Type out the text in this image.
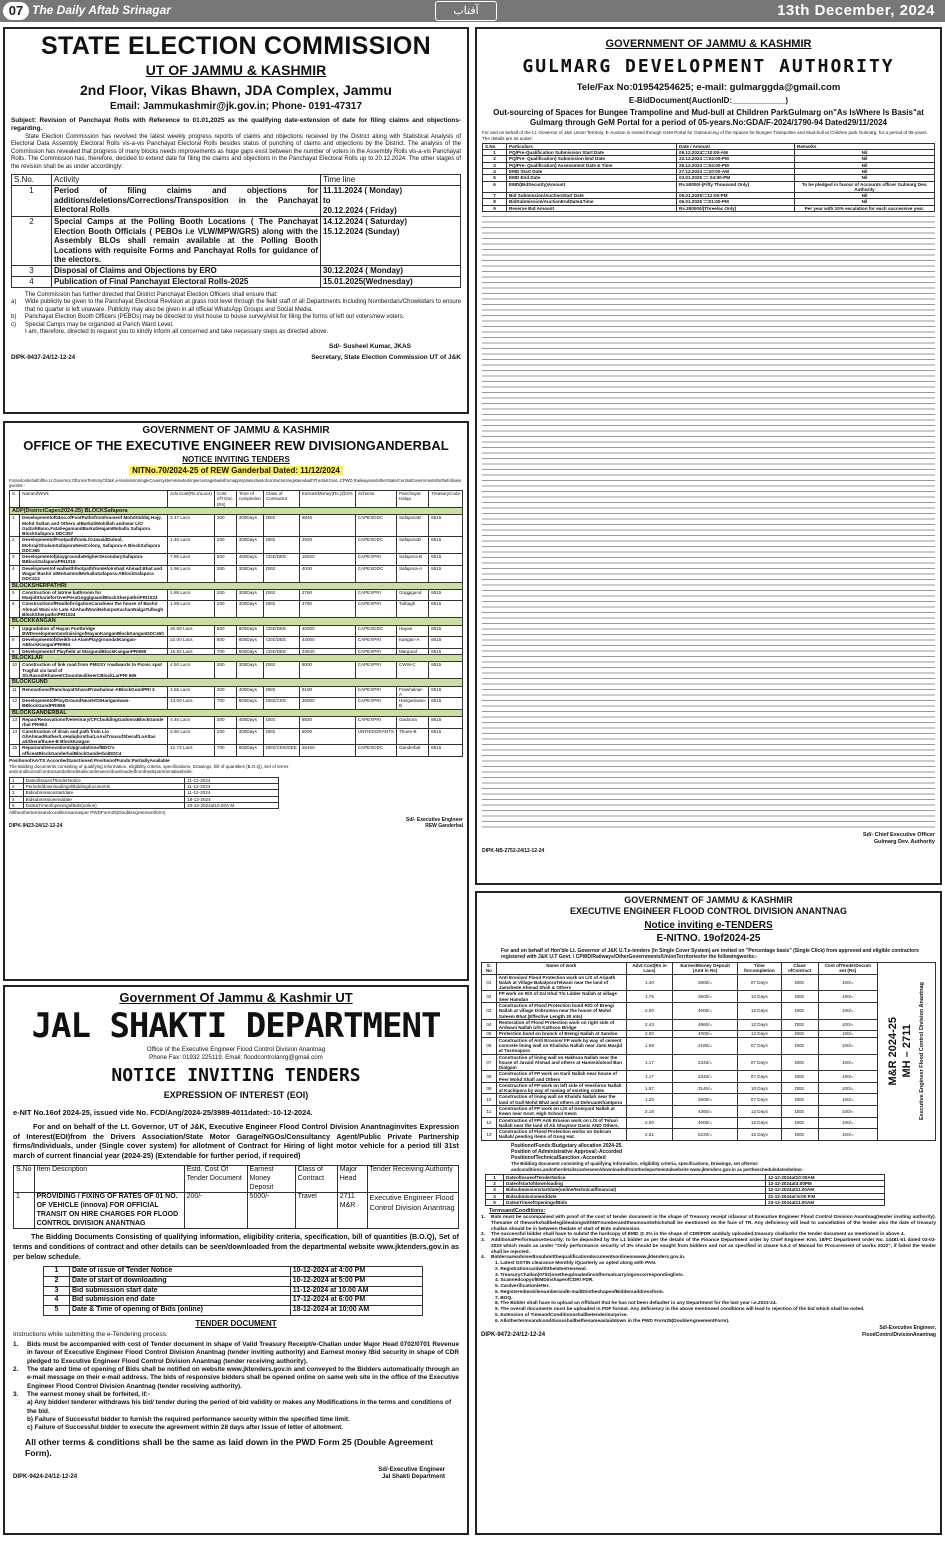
07 The Daily Aftab Srinagar	آفتاب	13th December, 2024
STATE ELECTION COMMISSION
UT OF JAMMU & KASHMIR
2nd Floor, Vikas Bhawn, JDA Complex, Jammu
Email: Jammukashmir@jk.gov.in; Phone- 0191-47317
Subject: Revision of Panchayat Rolls with Reference to 01.01,2025 as the qualifying date-extension of date for filing claims and objections-regarding.
State Election Commission has revolved the latest weekly progress reports of claims and objections received by the District along with Statistical Analysis of Electoral Data Assembly Electoral Rolls vis-a-vis Panchayat Electoral Rolls besides status of punching of claims and objections by the District. The analysis of the Commission has revealed that progress of many blocks needs improvements as huge gaps exist between the number of voters in the Assembly Rolls vis-a-vis Panchayat Rolls. The Commission has, therefore, decided to extend date for filing the claims and objections in the Panchayat Electoral Rolls up to 20.12.2024. The other stages of the revision shall be as under accordingly:
S.No.	Activity	Time line
1	Period of filing claims and objections for additions/deletions/Corrections/Transposition in the Panchayat Electoral Rolls	11.11.2024 ( Monday)
to
20.12.2024 ( Friday)
2	Special Camps at the Polling Booth Locations ( The Panchayat Election Booth Officials ( PEBOs i.e VLW/MPW/GRS) along with the Assembly BLOs shall remain available at the Polling Booth Locations with requisite Forms and Panchayat Rolls for guidance of the electors.	14.12.2024 ( Saturday)
15.12.2024 (Sunday)
3	Disposal of Claims and Objections by ERO	30.12.2024 ( Monday)
4	Publication of Final Panchayat Electoral Rolls-2025	15.01.2025(Wednesday)
The Commission has further directed that District Panchayat Election Officers shall ensure that:
a)	Wide publicity be given to the Panchayat Electoral Revision at grass root level through the field staff of all Departments Including Numberdars/Chowkidars to ensure that no quarter is left unaware. Publicity may also be given in all official WhatsApp Groups and Social Media.
b)	Panchayat Election Booth Officers (PEBOs) may be directed to visit house to house survey/visit for filing the forms of left out voters/new voters.
c)	Special Camps may be organized at Panch Ward Level.
I am, therefore, directed to request you to kindly inform all concerned and take necessary steps as directed above.
Sd/- Susheel Kumar, JKAS
DIPK-9437-24/12-12-24	Secretary, State Election Commission UT of J&K
GOVERNMENT OF JAMMU & KASHMIR
OFFICE OF THE EXECUTIVE ENGINEER REW DIVISIONGANDERBAL
NOTICE INVITING TENDERS
NITNo.70/2024-25 of REW Ganderbal Dated: 11/12/2024
Forandonbehalfofthe Lt.Governor,OfUnionTerritoryOfJ&K,e-tenderisInSingleCoversystemisinvitedonpercentagebasisfromappropriateclassofcontractorsregisteredwithTheJ&KGovt.,CPWD,RailwaysandotherState/CentralGovernmentsforthefollowingworks:-
S.	NameofWork	Adv.Cost(Rs.InLacs)	Cost ofT.Doc.(Rs)	Time of completion	Class of Contractor	EarnestMoney(Rs.)@2%	Scheme	Panchayat Halqa	TreasuryCode
ADP(DistrictCapex2024-25) BLOCKSafapora									
1	Developmentof04no.ofFootPathsfromhouseof MohdSiddiq Hajy, Mohd Sultan and Others atBarkatiMohillah andnear L/O GulzahBano,FatahegamandBarkatiHajamMohalla Safapora BlockSafapora DDC357	3.47 Lacs	300	300Days	DEE	6940	CAPEXDDC	SafaporaD	8515
2	DevelopmentofFootpathfromL/OJavaidDulool, Mohraj/GhulamSafaporaNewColony, Safapora-A BlockSafapora DDC365	1.46 Lacs	200	300Days	DEE	2920	CAPEXDDC	SafaporaD	8515
3	DevelopmentofplaygroundatHigherSecondarySafapora-BBlockSafaporaPRI1015	7.96 Lacs	500	450Days	CEE/DEE	15920	CAPEXPRI	Safapora-B	8515
4	Developmentof-wallwithfootpathfromH/oIrshad Ahmad Bhat and Wagar Bashir atMohammdMohallaSafapora-ABlockSafapora DDC413	1.98 Lacs	300	300Days	DEE	4000	CAPEXDDC	Safapora-A	8515
BLOCKSHERPATHRI									
5	Construction of latrine bathroom for MasjidSharieforOverPeraGoggiguandBlockSherpathriPRI1023	1.88 Lacs	200	300Days	DEE	3760	CAPEXPRI	Goggigund	8515
6	ConstructionofRwallofirrigationCanalnear the house of Bashir Ahmad Wani s/o Late AbAhadWaniNeharpoKachanNalgaTulbagh BlockSherpathriPRI1024	1.89 Lacs	200	300Days	DEE	3780	CAPEXPRI	Tulbagh	8515
BLOCKKANGAN									
7	Upgradation of Hayan Footbridge BWDevelopmentandraisingofHayanKanganBlockKanganDDC460	20.00 Lacs	800	600Days	CEE/DEE	40000	CAPEXDDC	Hayan	8515
8	DevelopmentofSheikh-ul-AlamPlaygroundatKangan-ABlockKanganPRI994	22.00 Lacs	800	600Days	CEE/DEE	44000	CAPEXPRI	Kangan-A	8515
9	Developmentof Playfield at MargundBlockKanganPRI995	16.82 Lacs	700	500Days	CEE/DEE	33640	CAPEXPRI	Margund	8515
BLOCKLAR									
10	Construction of link road from PMGSY roadwards to Picnic spot Traghal via land of Sh.RasoolKhaneetChountwalikeerCBlockLarPRI 666	4.50 Lacs	300	300Days	DEE	9000	CAPEXPRI	CWW-C	8515
BLOCKGUND									
11	RenovationofPanchayatGharatFrawhalnar-ABlockGundPRI 3	4.55 Lacs	300	400Days	DEE	9100	CAPEXPRI	Frawhalnar-A	8515
12	DevelopmentofPlayGroundNearHSSHariganiwan-BBlockGundPRI986	13.00 Lacs	700	500Days	DEE/CEE	26000	CAPEXPRI	Hariganiwan-B	8515
BLOCKGANDERBAL									
13	Repair/RenovationofVeterinary/CFCbuildingGadooraBlockGande rbal PRI963	4.46 Lacs	300	400Days	DEE	8920	CAPEXPRI	Gadoora	8515
14	Construction of drain and path from L/o GhAhmadRather/LoHaliqbirathu/LoAsifYousufSheraf/LoAltas adShera/thune-B BlockKangan	2.50 Lacs	200	300Days	DEE	5000	UNTIEDGRANTS	Thune-B	8515
15	Repairandrenovation/UpgradationofBDO's officeatBlockGanderbalBlockGanderbalDDC4	12.73 Lacs	700	500Days	DEE/CEE/DEE	25460	CAPEXDDC	Ganderbal	8515
PositionofAA/TS:AccordedSanctioned PositionofFunds:PartiallyAvailable
The Bidding documents consisting of qualifying information, eligibility criteria, specifications, Drawings, bill of quantities (B.O.Q), Set of terms andconditionsofcontractandotherdetailscanbeseen/downloadedfromthedepartmentalwebsite.
1	DateofissueofTenderNotice	11-12-2024
2	PeriodofdownloadingofBiddingdocuments	11-12-2024
3	Bidsubmissionstartdate	11-12-2024
4	Bidsubmissionenddate	18-12-2024
5	Date&TimeofopeningofBids(online)	20-12-2024at10.00A.M
Alltheothertermsandconditionsareasper PWDForm25(Doublengreementform)
Sd/- Executive Engineer
DIPK-9423-24/12-12-24	REW Ganderbal
Government Of Jammu & Kashmir UT
JAL SHAKTI DEPARTMENT
Office of the Executive Engineer Flood Control Division Anantnag
Phone Fax: 01932 225119. Email: floodcontrolanrg@gmail.com
NOTICE INVITING TENDERS
EXPRESSION OF INTEREST (EOI)
e-NIT No.16of 2024-25, issued vide No. FCD/Ang/2024-25/3989-4011dated:-10-12-2024.
For and on behalf of the Lt. Governor, UT of J&K, Executive Engineer Flood Control Division Anantnaginvites Expression of Interest(EOI)from the Drivers Association/State Motor Garage/NGOs/Consultancy Agent/Public Private Partnership firms/Individuals, under (Single cover system) for allotment of Contract for Hiring of light motor vehicle for a period till 31st march of current financial year (2024-25) (Extendable for further period, if required)
S.No	Item Description	Estd. Cost Of Tender Document	Earnest Money Deposit	Class of Contract	Major Head	Tender Receiving Authority
1	PROVIDING / FIXING OF RATES OF 01 NO. OF VEHICLE (innova) FOR OFFICIAL TRANSIT ON HIRE CHARGES FOR FLOOD CONTROL DIVISION ANANTNAG	200/-	5000/-	Travel	2711 M&R	Executive Engineer Flood Control Division Anantnag
The Bidding Documents Consisting of qualifying information, eligibility criteria, specification, bill of quantities (B.O.Q), Set of terms and conditions of contract and other details can be seen/downloaded from the departmental website www.jktenders.gov.in as per below schedule.
1	Date of issue of Tender Notice	10-12-2024 at 4:00 PM
2	Date of start of downloading	10-12-2024 at 5:00 PM
3	Bid submission start date	11-12-2024 at 10.00 AM
4	Bid submission end date	17-12-2024 at 6:00 PM
5	Date & Time of opening of Bids (online)	18-12-2024 at 10:00 AM
TENDER DOCUMENT
Instructions while submitting the e-Tendering process.
1.	Bids must be accompanied with cost of Tender document in shape of Valid Treasury Receipt/e-Challan under Major Head 0702/0701 Revenue in favour of Executive Engineer Flood Control Division Anantnag (tender inviting authority) and Earnest money /Bid security in shape of CDR pledged to Executive Engineer Flood Control Division Anantnag (tender receiving authority).
2.	The date and time of opening of Bids shall be notified on website www.jktenders.gov.in and conveyed to the Bidders automatically through an e-mail message on their e-mail address. The bids of responsive bidders shall be opened online on same web site in the office of the Executive Engineer Flood Control Division Anantnag (tender receiving authority).
3.	The earnest money shall be forfeited, if:-
a) Any bidder/ tenderer withdraws his bid/ tender during the period of bid validity or makes any Modifications in the terms and conditions of the bid.
b) Failure of Successful bidder to furnish the required performance security within the specified time limit.
c) Failure of Successful bidder to execute the agreement within 28 days after Issue of letter of allotment.
All other terms & conditions shall be the same as laid down in the PWD Form 25 (Double Agreement Form).
Sd/-Executive Engineer
DIPK-9424-24/12-12-24	Jal Shakti Department
GOVERNMENT OF JAMMU & KASHMIR
GULMARG DEVELOPMENT AUTHORITY
Tele/Fax No:01954254625; e-mail: gulmarggda@gmail.com
E-BidDocument(AuctionID:____________)
Out-sourcing of Spaces for Bungee Trampoline and Mud-bull at Children ParkGulmarg on"As IsWhere Is Basis"at Gulmarg through GeM Portal for a period of 05-years.No:GDA/F-2024/1790-94 Dated29/11/2024
For and on behalf of the Lt. Governor of J&K Union Territory, E-Auction is invited through GeM Portal for Outsourcing of the Spaces for Bungee Trampoline and Mud-bull at Children park Gulmarg, for a period of 05-years. The details are as under:
S.No	Particulars	Date / Amount	Remarks
1	PQ/Pre-Qualification Submission Start Date	09.12.2024==10:00-AM	Nil
2	PQ/Pre- Qualification) Submission End Date	22.12.2024 ==04:00-PM	Nil
3	PQ/Pre- Qualification) Assessment Date & Time	26.12.2024 ==04:00-PM	Nil
4	EMD Start Date	27.12.2024 ==10:00-AM	Nil
5	EMD End Date	03.01.2025 == 04:00-PM	Nil
6	EMD(BidSecurity)Amount	Rs.50000/-(Fifty Thousand Only)	To be pledged in favour of Accounts officer Gulmarg Dev. Authority
7	Bid Submission/AuctionStart Date	05.01.2025==12:00-PM	Nil
8	BidSubmission/AuctionEndDate&Time	06.01.2025 ==01:00-PM	Nil
9	Reserve Bid Amount	Rs.300000/(Threelac Only)	Per year with 10% escalation for each successive year.
Sd/- Chief Executive Officer
Gulmarg Dev. Authority
DIPK-NB-2752-24/12-12-24
GOVERNMENT OF JAMMU & KASHMIR
EXECUTIVE ENGINEER FLOOD CONTROL DIVISION ANANTNAG
Notice inviting e-TENDERS
E-NITNO. 19of2024-25
For and on behalf of Hon'ble Lt. Governor of J&K U.T.e-tenders (In Single Cover System) are invited on "Percentage basis" (Single Click) from approved and eligible contractors registered with J&K U.T Govt. / CPWD/Railways/OtherGovernments/UnionTerritoriesfor the followingworks:-
S. No	Name of work	Advt.Cost(Rs in Lacs)	EarnestMoney Deposit (Amt in Rs)	Time forcompletion	Class ofContract	Cost ofTenderDocum ent (Rs)
01	Anti Erosion/ Flood Protection work on L/S of Aripath Nalah at Village BakalporaTelwani near the land of Jamshede Ahmad Shah & Others	1.40	2800/=	07 Days	DEE	100/=
02	FP work on R/S of Zal Khul T/o Lidder Nallah at village Seer Hamdan	1.75	3500/=	10 Days	DEE	100/=
03	Construction of Flood Protection bund R/O of Brengi Nallah at village Dobrumna near the house of Mohd Saleem Bhat (Effective Length 30 mts)	2.00	4000/=	12 Days	DEE	100/=
04	Restoration of Flood Protection work on right side of Ardwani Nallah U/S Kathsoo Bridge	2.43	4860/=	12 Days	DEE	100/=
05	Protection bund on branch of Brengi Nallah at Sandoo	2.00	4000/=	12 Days	DEE	100/=
06	Construction of Anti Erosion/ FP work by way of cement concrete lining wall on Khalisha Nallah near Jami Masjid at Tasnnapora	1.09	2180/=	07 Days	DEE	100/=
07	Construction of lining wall on Hakhura Nallah near the house of Javaid Ahmad and others at Hammidulsod Ban Dialgam	1.17	2340/=	07 Days	DEE	100/=
08	Construction of FP work on Karil Nallah near house of Peer Mohd Shafi and Others	1.17	2340/=	07 Days	DEE	100/=
09	Construction of FP work on left side of Veeshiroo Nallah at Kachipora by way of raising of existing crates	1.57	3140/=	10 Days	DEE	100/=
10	Construction of lining wall on Khalshi Nallah near the land of Gull Mohd Bhat and others at DehruanKhantpora	1.25	2500/=	07 Days	DEE	100/=
11	Construction of FP work on L/S of Goniyard Nallah at Kewn near Govt. High School Kewn	2.18	4360/=	12 Days	DEE	100/=
12	Construction of FP/ Anti Erosion work on L/S of Tohari Nallah near the land of Ab Ghaymor Danis AND Others.	2.00	4000/=	12 Days	DEE	100/=
13	Construction of Flood Protection works on Dobrum Nallah/ pending items of Gong Hat.	2.61	5220/=	15 Days	DEE	100/=
M&R 2024-25 MH – 2711	Executive Engineer Flood Control Division Anantnag
PositionofFunds:Budgetary allocation 2024-25.
Position of Administrative Approval:-Accorded
PositionofTechnicalSanction:-Accorded
The Bidding document consisting of qualifying information, eligibility criteria, specifications, Drawings, set ofterms andconditions,andotherdetailscanbeseen/downloadedfromthedepartmentalwebsite www.jktenders.gov.in as perthescheduledatesbelow:-
1	DateofIssueofTenderNotice	12-12-2024at10:00AM
2	Dateofstartofdownloading	12-12-2024at4:00PM
3	Bidsubmissionstartdate(online/technical/financial)	12-12-2024at11.00AM
4	Bidsubmissionenddate	21-12-2024at:6:00 P.M
5	Date&TimeofOpeningofBids	23-12-2024at11.00AM
TermsandConditions:
1.	Bids must be accompanied with proof of the cost of tender document in the shape of Treasury receipt infavour of Executive Engineer Flood Control Division Anantnag(tender inviting authority). Thename of theworkshallbelegiblealongwithNITnumberandtheamountwhichshall be mentioned on the face of TR. Any deficiency will lead to cancellation of the tender also the date of treasury challan should be in between thedate of start of Bids submission.
2.	The successful bidder shall have to submit the hardcopy of EMD @ 2% in the shape of CDR/FDR andduly uploaded,treasury challanfor the tender document as mentioned in above 4.
3.	AdditionalPerformanceSecurity: to be deposited by the L1 bidder as per the details of the Finance Department order by Chief Engineer Kmr. 18/FC Department order No. 14481-51 dated 03-03-2023 which reads as under "Only performance security of 3% should be sought from bidders and not as specified in clause 5.6.4 of Manual for Procurement of works 2022", if failed the tender shall be rejected.
4.	Biddersareadvisedtosubmitthequalificationdocumentsonlineonwww.jktenders.gov.in.
1. Latest GSTIN clearance Monthly /Quarterly as opted along with PAN.
2. Registrationcardwiththelatestrenewal.
3. TreasuryChallan(0702)onetheuploadedinvidformatcarryingoncorrespondinglists.
4. ScannedcopyofEMDinshapeofCDR/ FDR.
5. Cardverificationletter.
6. RegisteredmobilenumberandE-mailIDintheshapeofBiddersaddressform.
7. BOQ.
8. The Bidder shall have to upload an Affidavit that he has not been defaulter in any Department for the last year i.e.2023-24.
9. The overall documents must be uploaded in PDF format. Any deficiency in the above mentioned conditions will lead to rejection of the bid which shall be noted.
5. Extension of TimeandConditionsshallbetenderisurprise.
6. Allothertermsandconditionsshallbethesameaslaiddown in the PWD Form25(DoubleAgreementForm).
Sd/-Executive Engineer,
DIPK-9472-24/12-12-24	FloodControlDivisionAnantnag
